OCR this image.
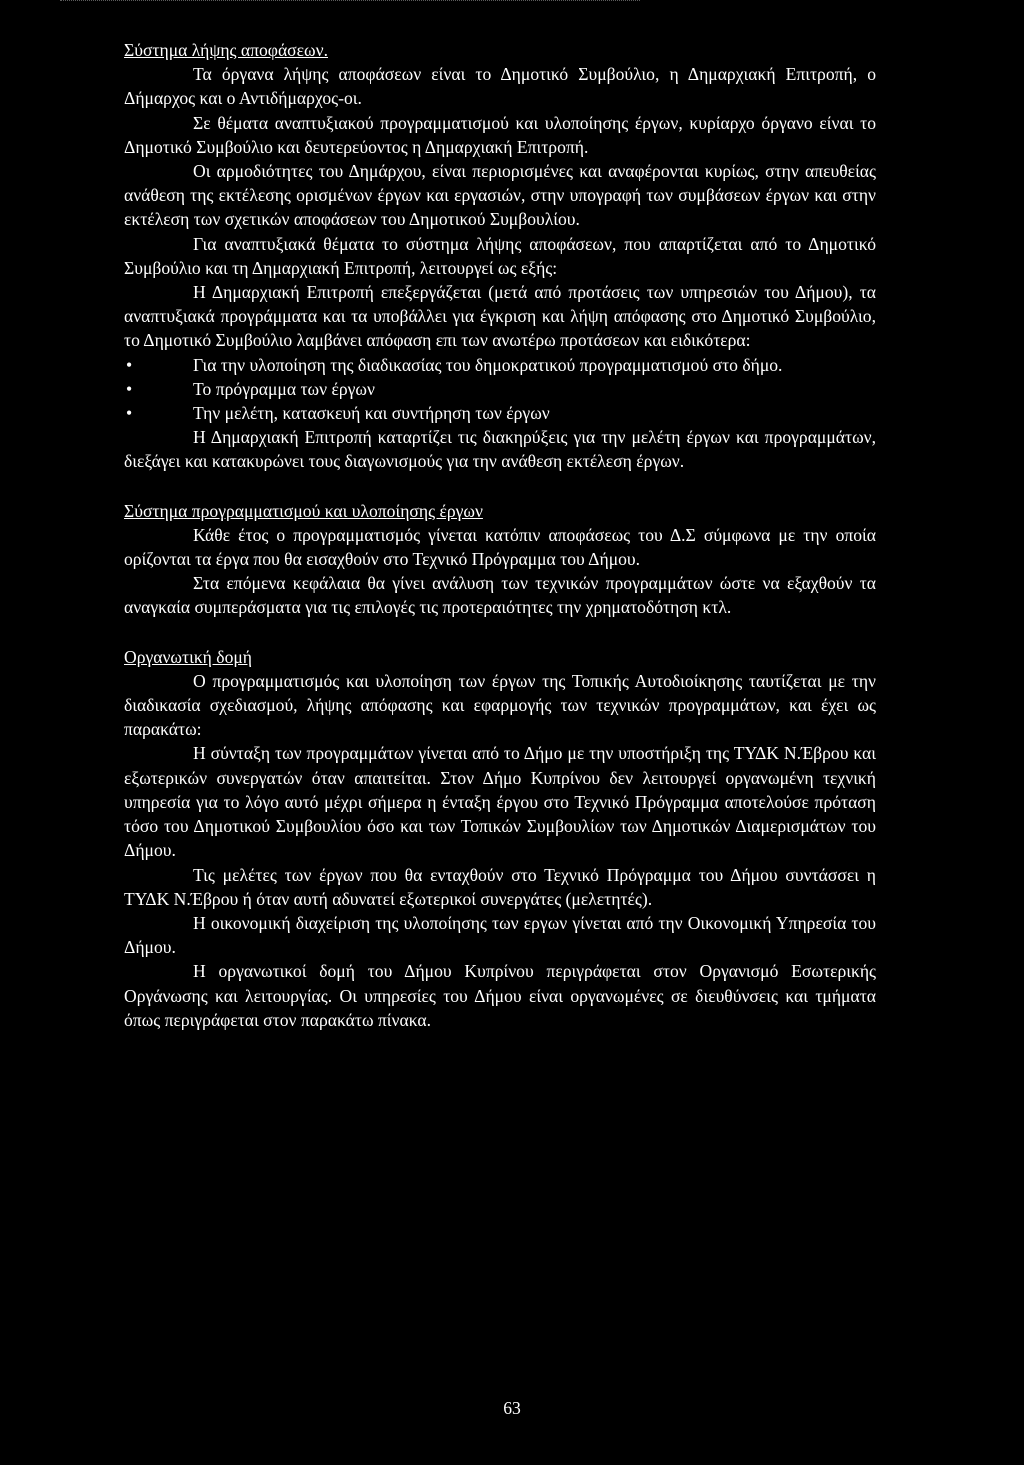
Σύστημα λήψης αποφάσεων.

Τα όργανα λήψης αποφάσεων είναι το Δημοτικό Συμβούλιο, η Δημαρχιακή Επιτροπή, ο Δήμαρχος και ο Αντιδήμαρχος-οι.

Σε θέματα αναπτυξιακού προγραμματισμού και υλοποίησης έργων, κυρίαρχο όργανο είναι το Δημοτικό Συμβούλιο και δευτερεύοντος η Δημαρχιακή Επιτροπή.

Οι αρμοδιότητες του Δημάρχου, είναι περιορισμένες και αναφέρονται κυρίως, στην απευθείας ανάθεση της εκτέλεσης ορισμένων έργων και εργασιών, στην υπογραφή των συμβάσεων έργων και στην εκτέλεση των σχετικών αποφάσεων του Δημοτικού Συμβουλίου.

Για αναπτυξιακά θέματα το σύστημα λήψης αποφάσεων, που απαρτίζεται από το Δημοτικό Συμβούλιο και τη Δημαρχιακή Επιτροπή, λειτουργεί ως εξής:

Η Δημαρχιακή Επιτροπή επεξεργάζεται (μετά από προτάσεις των υπηρεσιών του Δήμου), τα αναπτυξιακά προγράμματα και τα υποβάλλει για έγκριση και λήψη απόφασης στο Δημοτικό Συμβούλιο, το Δημοτικό Συμβούλιο λαμβάνει απόφαση επι των ανωτέρω προτάσεων και ειδικότερα:

• Για την υλοποίηση της διαδικασίας του δημοκρατικού προγραμματισμού στο δήμο.
• Το πρόγραμμα των έργων
• Την μελέτη, κατασκευή και συντήρηση των έργων

Η Δημαρχιακή Επιτροπή καταρτίζει τις διακηρύξεις για την μελέτη έργων και προγραμμάτων, διεξάγει και κατακυρώνει τους διαγωνισμούς για την ανάθεση εκτέλεση έργων.

Σύστημα προγραμματισμού και υλοποίησης έργων

Κάθε έτος ο προγραμματισμός γίνεται κατόπιν αποφάσεως του Δ.Σ σύμφωνα με την οποία ορίζονται τα έργα που θα εισαχθούν στο Τεχνικό Πρόγραμμα του Δήμου.

Στα επόμενα κεφάλαια θα γίνει ανάλυση των τεχνικών προγραμμάτων ώστε να εξαχθούν τα αναγκαία συμπεράσματα για τις επιλογές τις προτεραιότητες την χρηματοδότηση κτλ.

Οργανωτική δομή

Ο προγραμματισμός και υλοποίηση των έργων της Τοπικής Αυτοδιοίκησης ταυτίζεται με την διαδικασία σχεδιασμού, λήψης απόφασης και εφαρμογής των τεχνικών προγραμμάτων, και έχει ως παρακάτω:

Η σύνταξη των προγραμμάτων γίνεται από το Δήμο με την υποστήριξη της ΤΥΔΚ Ν.Έβρου και εξωτερικών συνεργατών όταν απαιτείται. Στον Δήμο Κυπρίνου δεν λειτουργεί οργανωμένη τεχνική υπηρεσία για το λόγο αυτό μέχρι σήμερα η ένταξη έργου στο Τεχνικό Πρόγραμμα αποτελούσε πρόταση τόσο του Δημοτικού Συμβουλίου όσο και των Τοπικών Συμβουλίων των Δημοτικών Διαμερισμάτων του Δήμου.

Τις μελέτες των έργων που θα ενταχθούν στο Τεχνικό Πρόγραμμα του Δήμου συντάσσει η ΤΥΔΚ Ν.Έβρου ή όταν αυτή αδυνατεί εξωτερικοί συνεργάτες (μελετητές).

Η οικονομική διαχείριση της υλοποίησης των εργων γίνεται από την Οικονομική Υπηρεσία του Δήμου.

Η οργανωτικοί δομή του Δήμου Κυπρίνου περιγράφεται στον Οργανισμό Εσωτερικής Οργάνωσης και λειτουργίας. Οι υπηρεσίες του Δήμου είναι οργανωμένες σε διευθύνσεις και τμήματα όπως περιγράφεται στον παρακάτω πίνακα.

63
